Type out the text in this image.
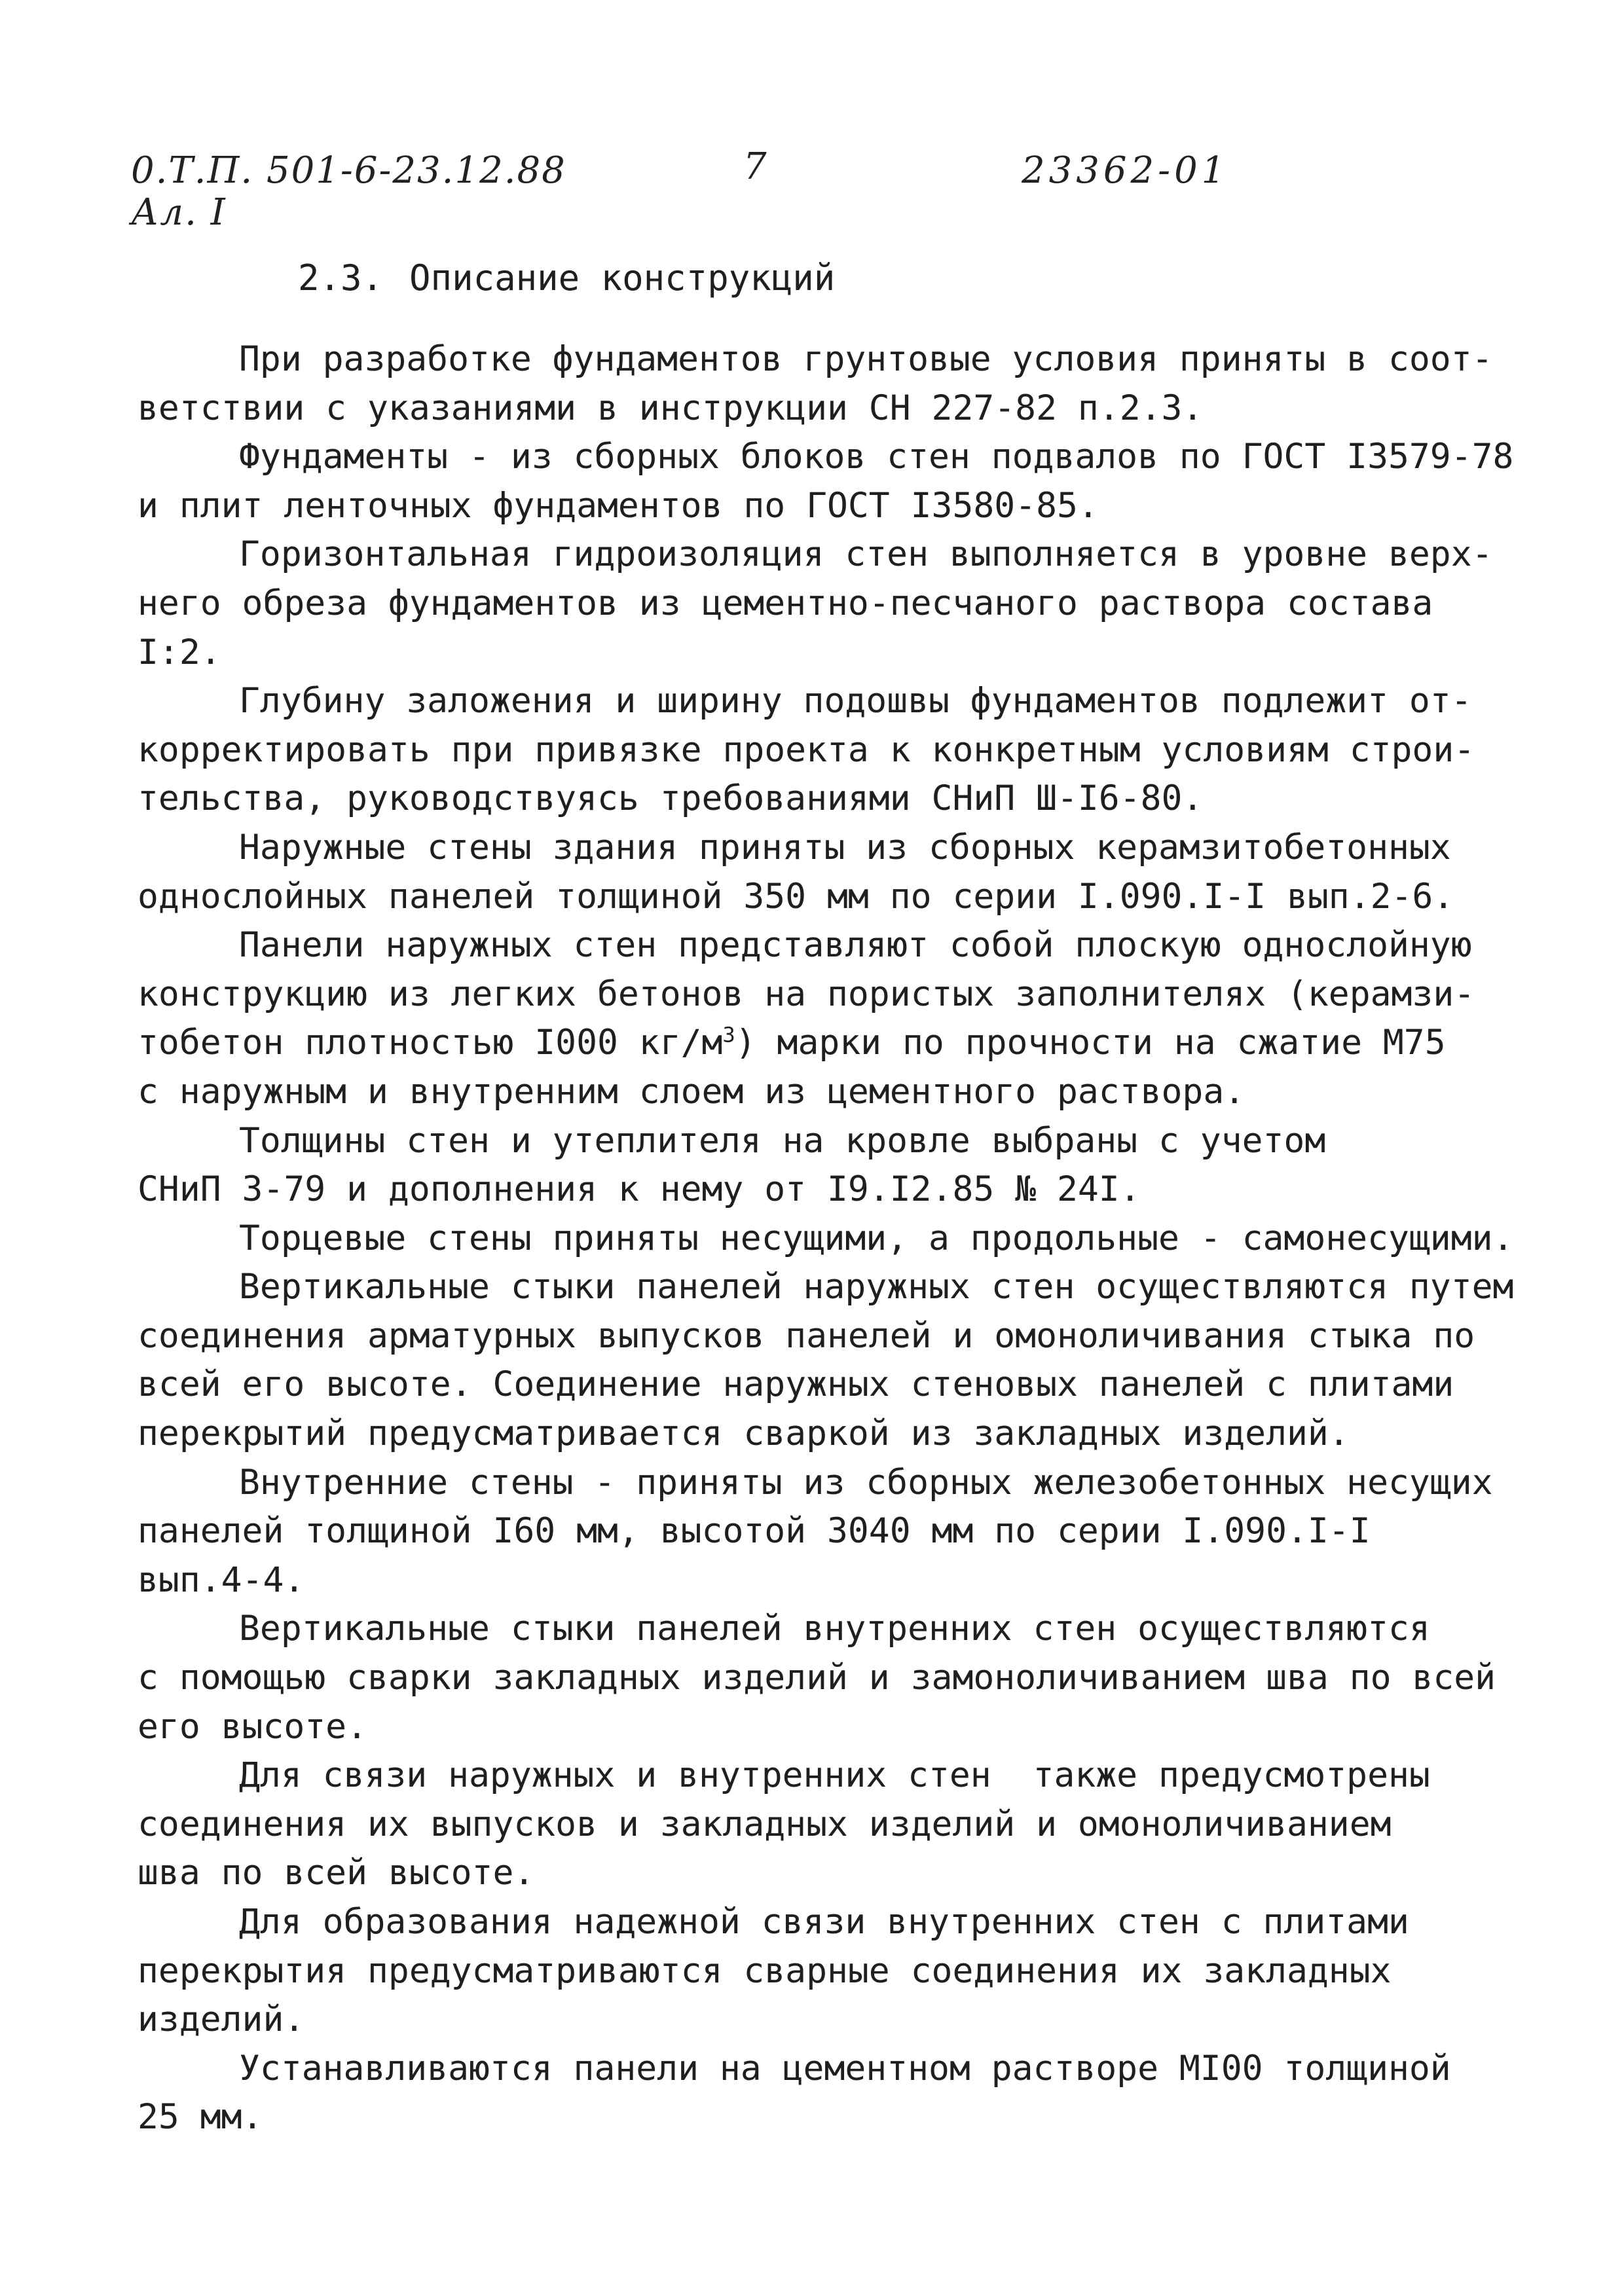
0.Т.П. 501-6-23.12.88
Ал. I
7	23362-01
2.3. Описание конструкций
При разработке фундаментов грунтовые условия приняты в соот-
ветствии с указаниями в инструкции СН 227-82 п.2.3.
Фундаменты - из сборных блоков стен подвалов по ГОСТ I3579-78
и плит ленточных фундаментов по ГОСТ I3580-85.
Горизонтальная гидроизоляция стен выполняется в уровне верх-
него обреза фундаментов из цементно-песчаного раствора состава
I:2.
Глубину заложения и ширину подошвы фундаментов подлежит от-
корректировать при привязке проекта к конкретным условиям строи-
тельства, руководствуясь требованиями СНиП Ш-I6-80.
Наружные стены здания приняты из сборных керамзитобетонных
однослойных панелей толщиной 350 мм по серии I.090.I-I вып.2-6.
Панели наружных стен представляют собой плоскую однослойную
конструкцию из легких бетонов на пористых заполнителях (керамзи-
тобетон плотностью I000 $кг/м^3$) марки по прочности на сжатие М75
с наружным и внутренним слоем из цементного раствора.
Толщины стен и утеплителя на кровле выбраны с учетом
СНиП 3-79 и дополнения к нему от I9.I2.85 № 24I.
Торцевые стены приняты несущими, а продольные - самонесущими.
Вертикальные стыки панелей наружных стен осуществляются путем
соединения арматурных выпусков панелей и омоноличивания стыка по
всей его высоте. Соединение наружных стеновых панелей с плитами
перекрытий предусматривается сваркой из закладных изделий.
Внутренние стены - приняты из сборных железобетонных несущих
панелей толщиной I60 мм, высотой 3040 мм по серии I.090.I-I
вып.4-4.
Вертикальные стыки панелей внутренних стен осуществляются
с помощью сварки закладных изделий и замоноличиванием шва по всей
его высоте.
Для связи наружных и внутренних стен  также предусмотрены
соединения их выпусков и закладных изделий и омоноличиванием
шва по всей высоте.
Для образования надежной связи внутренних стен с плитами
перекрытия предусматриваются сварные соединения их закладных
изделий.
Устанавливаются панели на цементном растворе МI00 толщиной
25 мм.
